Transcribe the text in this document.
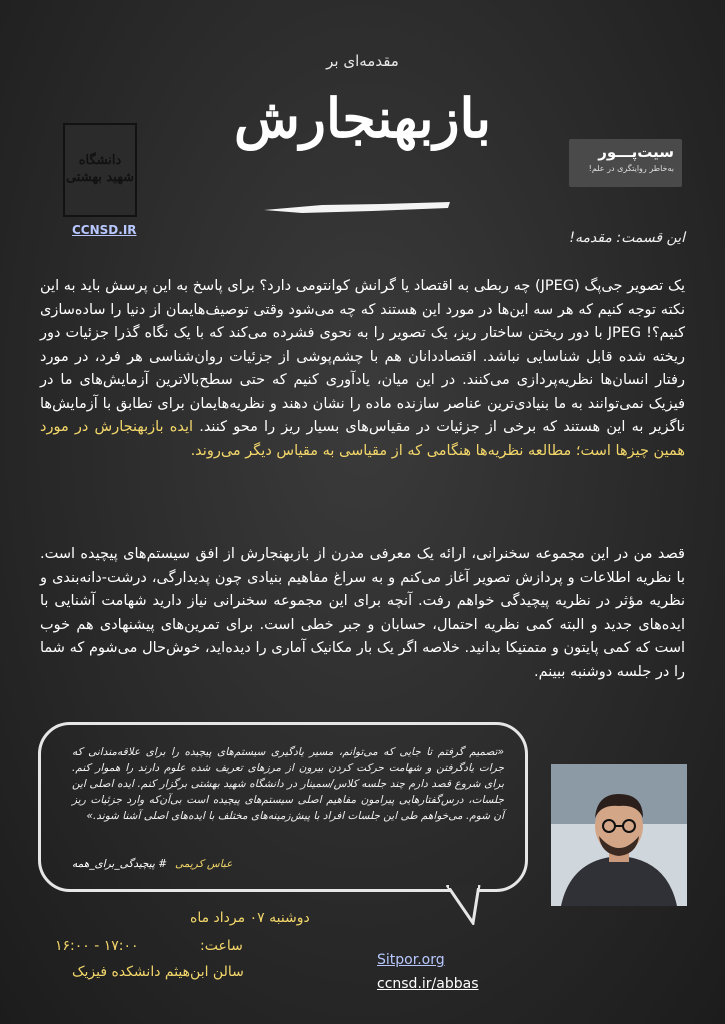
مقدمه‌ای بر
بازبهنجارش
دانشگاه شهید بهشتی
CCNSD.IR
سیت‌پـــور
به‌خاطر روایتگری در علم!
این قسمت: مقدمه!
یک تصویر جی‌پگ (JPEG) چه ربطی به اقتصاد یا گرانش کوانتومی دارد؟ برای پاسخ به این پرسش باید به این نکته توجه کنیم که هر سه این‌ها در مورد این هستند که چه می‌شود وقتی توصیف‌هایمان از دنیا را ساده‌سازی کنیم؟! JPEG با دور ریختن ساختار ریز، یک تصویر را به نحوی فشرده می‌کند که با یک نگاه گذرا جزئیات دور ریخته شده قابل شناسایی نباشد. اقتصاددانان هم با چشم‌پوشی از جزئیات روان‌شناسی هر فرد، در مورد رفتار انسان‌ها نظریه‌پردازی می‌کنند. در این میان، یادآوری کنیم که حتی سطح‌بالاترین آزمایش‌های ما در فیزیک نمی‌توانند به ما بنیادی‌ترین عناصر سازنده ماده را نشان دهند و نظریه‌هایمان برای تطابق با آزمایش‌ها ناگزیر به این هستند که برخی از جزئیات در مقیاس‌های بسیار ریز را محو کنند. ایده بازبهنجارش در مورد همین چیزها است؛ مطالعه نظریه‌ها هنگامی که از مقیاسی به مقیاس دیگر می‌روند.
قصد من در این مجموعه سخنرانی، ارائه یک معرفی مدرن از بازبهنجارش از افق سیستم‌های پیچیده است. با نظریه اطلاعات و پردازش تصویر آغاز می‌کنم و به سراغ مفاهیم بنیادی چون پدیدارگی، درشت-دانه‌بندی و نظریه مؤثر در نظریه پیچیدگی خواهم رفت. آنچه برای این مجموعه سخنرانی نیاز دارید شهامت آشنایی با ایده‌های جدید و البته کمی نظریه احتمال، حسابان و جبر خطی است. برای تمرین‌های پیشنهادی هم خوب است که کمی پایتون و متمتیکا بدانید. خلاصه اگر یک بار مکانیک آماری را دیده‌اید، خوش‌حال می‌شوم که شما را در جلسه دوشنبه ببینم.
«تصمیم گرفتم تا جایی که می‌توانم، مسیر یادگیری سیستم‌های پیچیده را برای علاقه‌مندانی که جرات یادگرفتن و شهامت حرکت کردن بیرون از مرزهای تعریف شده علوم دارند را هموار کنم. برای شروع قصد دارم چند جلسه کلاس/سمینار در دانشگاه شهید بهشتی برگزار کنم. ایده اصلی این جلسات، درس‌گفتارهایی پیرامون مفاهیم اصلی سیستم‌های پیچیده است بی‌آن‌که وارد جزئیات ریز آن شوم. می‌خواهم طی این جلسات افراد با پیش‌زمینه‌های مختلف با ایده‌های اصلی آشنا شوند.»
عباس کریمی# پیچیدگی_برای_همه
دوشنبه ۰۷ مرداد ماه
ساعت:
۱۶:۰۰ - ۱۷:۰۰
سالن ابن‌هیثم دانشکده فیزیک
Sitpor.org
ccnsd.ir/abbas
